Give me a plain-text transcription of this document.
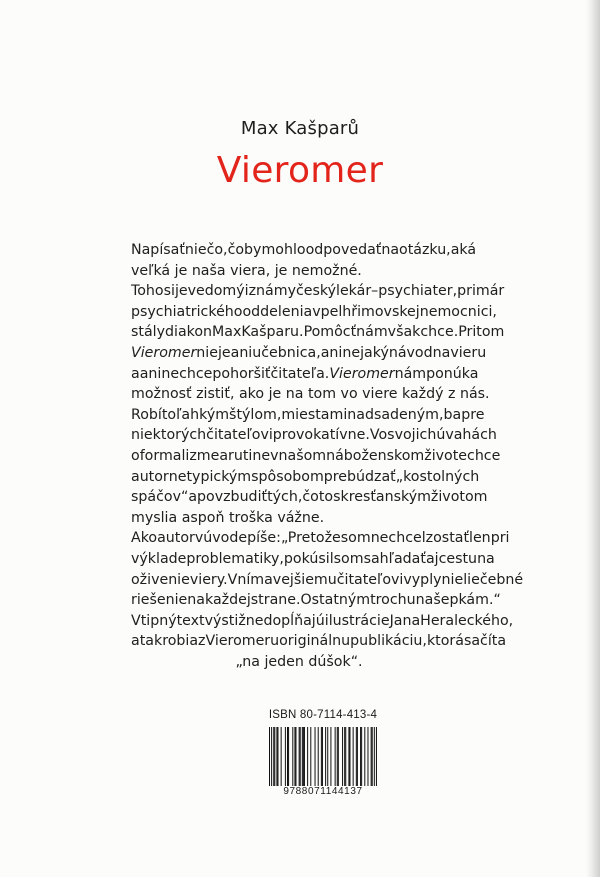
Max Kašparů
Vieromer
Napísať niečo, čo by mohlo odpovedať na otázku, aká
veľká je naša viera, je nemožné.
Toho si je vedomý i známy český lekár – psychiater, primár
psychiatrického oddelenia v pelhřimovskej nemocnici,
stály diakon Max Kašparu. Pomôcť nám však chce. Pritom
Vieromer nie je ani učebnica, ani nejaký návod na vieru
a ani nechce pohoršiť čitateľa. Vieromer nám ponúka
možnosť zistiť, ako je na tom vo viere každý z nás.
Robí to ľahkým štýlom, miestami nadsadeným, ba pre
niektorých čitateľov i provokatívne. Vo svojich úvahách
o formalizme a rutine v našom náboženskom živote chce
autor netypickým spôsobom prebúdzať „kostolných
spáčov“ a povzbudiť tých, čo to s kresťanským životom
myslia aspoň troška vážne.
Ako autor v úvode píše: „Pretože som nechcel zostať len pri
výklade problematiky, pokúsil som sa hľadať aj cestu na
oživenie viery. Vnímavejšiemu čitateľovi vyplynie liečebné
riešenie na každej strane. Ostatným trochu našepkám.“
Vtipný text výstižne dopĺňajú ilustrácie Jana Heraleckého,
a tak robia z Vieromeru originálnu publikáciu, ktorá sa číta
„na jeden dúšok“.
ISBN 80-7114-413-4
9788071144137
